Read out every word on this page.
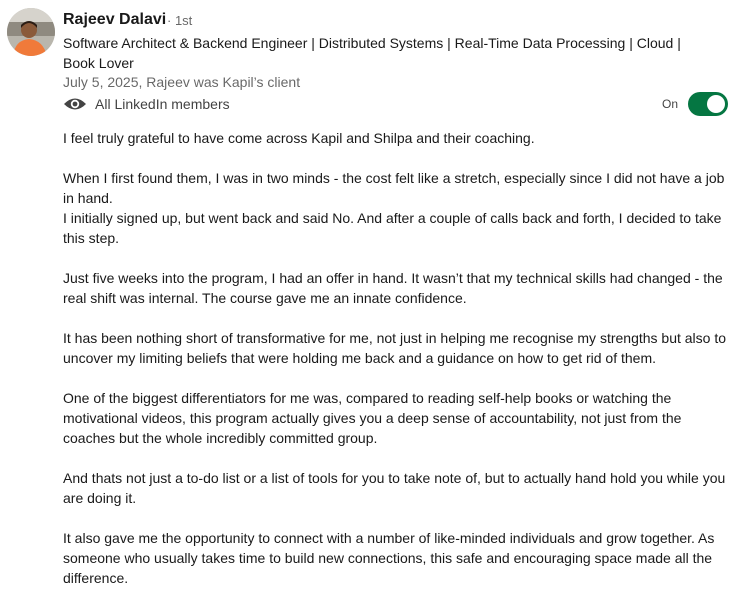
Rajeev Dalavi · 1st
Software Architect & Backend Engineer | Distributed Systems | Real-Time Data Processing | Cloud | Book Lover
July 5, 2025, Rajeev was Kapil’s client
All LinkedIn members	On

I feel truly grateful to have come across Kapil and Shilpa and their coaching.

When I first found them, I was in two minds - the cost felt like a stretch, especially since I did not have a job in hand.

I initially signed up, but went back and said No. And after a couple of calls back and forth, I decided to take this step.

Just five weeks into the program, I had an offer in hand. It wasn’t that my technical skills had changed - the real shift was internal. The course gave me an innate confidence.

It has been nothing short of transformative for me, not just in helping me recognise my strengths but also to uncover my limiting beliefs that were holding me back and a guidance on how to get rid of them.

One of the biggest differentiators for me was, compared to reading self-help books or watching the motivational videos, this program actually gives you a deep sense of accountability, not just from the coaches but the whole incredibly committed group.

And thats not just a to-do list or a list of tools for you to take note of, but to actually hand hold you while you are doing it.

It also gave me the opportunity to connect with a number of like-minded individuals and grow together. As someone who usually takes time to build new connections, this safe and encouraging space made all the difference.
